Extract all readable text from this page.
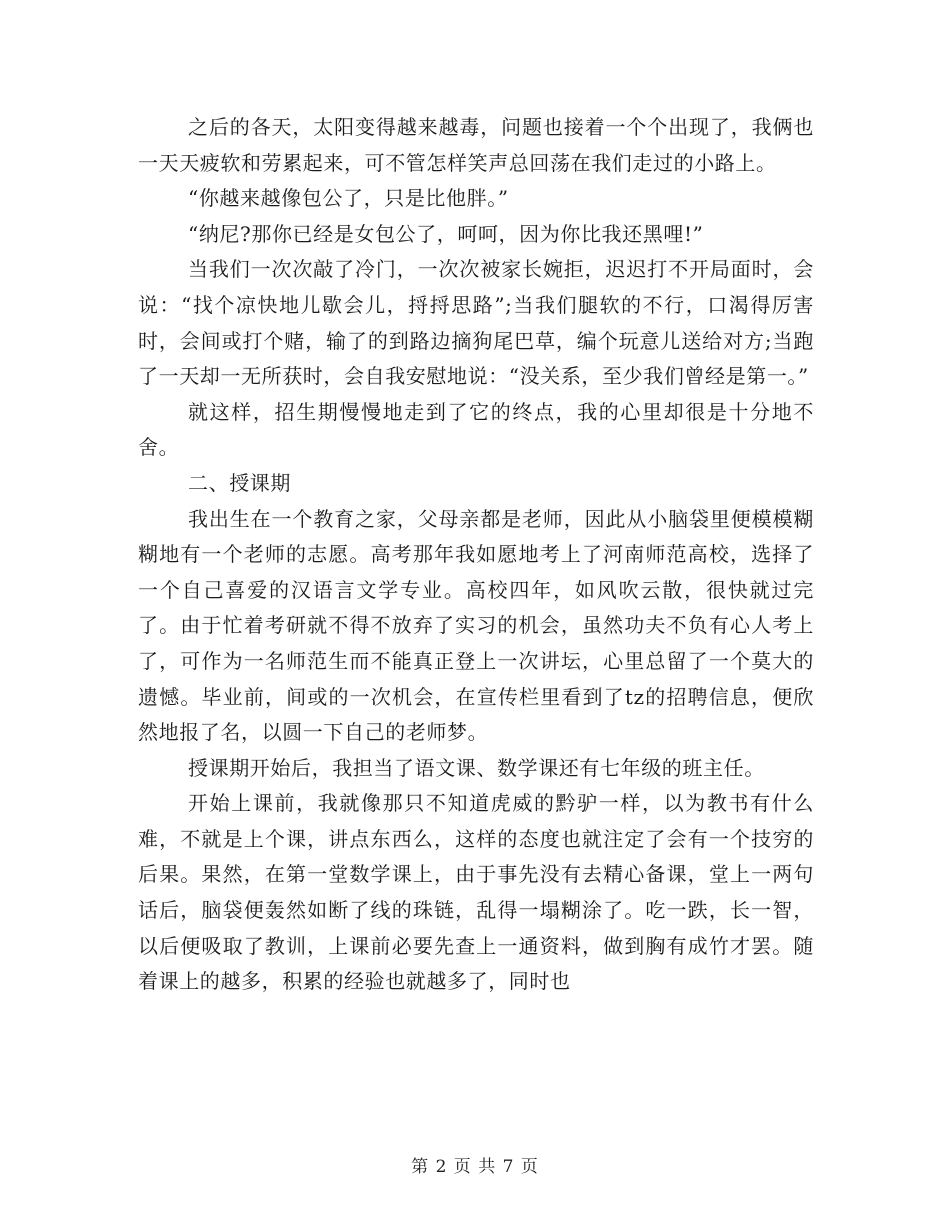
之后的各天，太阳变得越来越毒，问题也接着一个个出现了，我俩也一天天疲软和劳累起来，可不管怎样笑声总回荡在我们走过的小路上。

“你越来越像包公了，只是比他胖。”

“纳尼?那你已经是女包公了，呵呵，因为你比我还黑哩!”

当我们一次次敲了冷门，一次次被家长婉拒，迟迟打不开局面时，会说：“找个凉快地儿歇会儿，捋捋思路”;当我们腿软的不行，口渴得厉害时，会间或打个赌，输了的到路边摘狗尾巴草，编个玩意儿送给对方;当跑了一天却一无所获时，会自我安慰地说：“没关系，至少我们曾经是第一。”

就这样，招生期慢慢地走到了它的终点，我的心里却很是十分地不舍。

二、授课期

我出生在一个教育之家，父母亲都是老师，因此从小脑袋里便模模糊糊地有一个老师的志愿。高考那年我如愿地考上了河南师范高校，选择了一个自己喜爱的汉语言文学专业。高校四年，如风吹云散，很快就过完了。由于忙着考研就不得不放弃了实习的机会，虽然功夫不负有心人考上了，可作为一名师范生而不能真正登上一次讲坛，心里总留了一个莫大的遗憾。毕业前，间或的一次机会，在宣传栏里看到了tz的招聘信息，便欣然地报了名，以圆一下自己的老师梦。

授课期开始后，我担当了语文课、数学课还有七年级的班主任。

开始上课前，我就像那只不知道虎威的黔驴一样，以为教书有什么难，不就是上个课，讲点东西么，这样的态度也就注定了会有一个技穷的后果。果然，在第一堂数学课上，由于事先没有去精心备课，堂上一两句话后，脑袋便轰然如断了线的珠链，乱得一塌糊涂了。吃一跌，长一智，以后便吸取了教训，上课前必要先查上一通资料，做到胸有成竹才罢。随着课上的越多，积累的经验也就越多了，同时也

第 2 页 共 7 页
